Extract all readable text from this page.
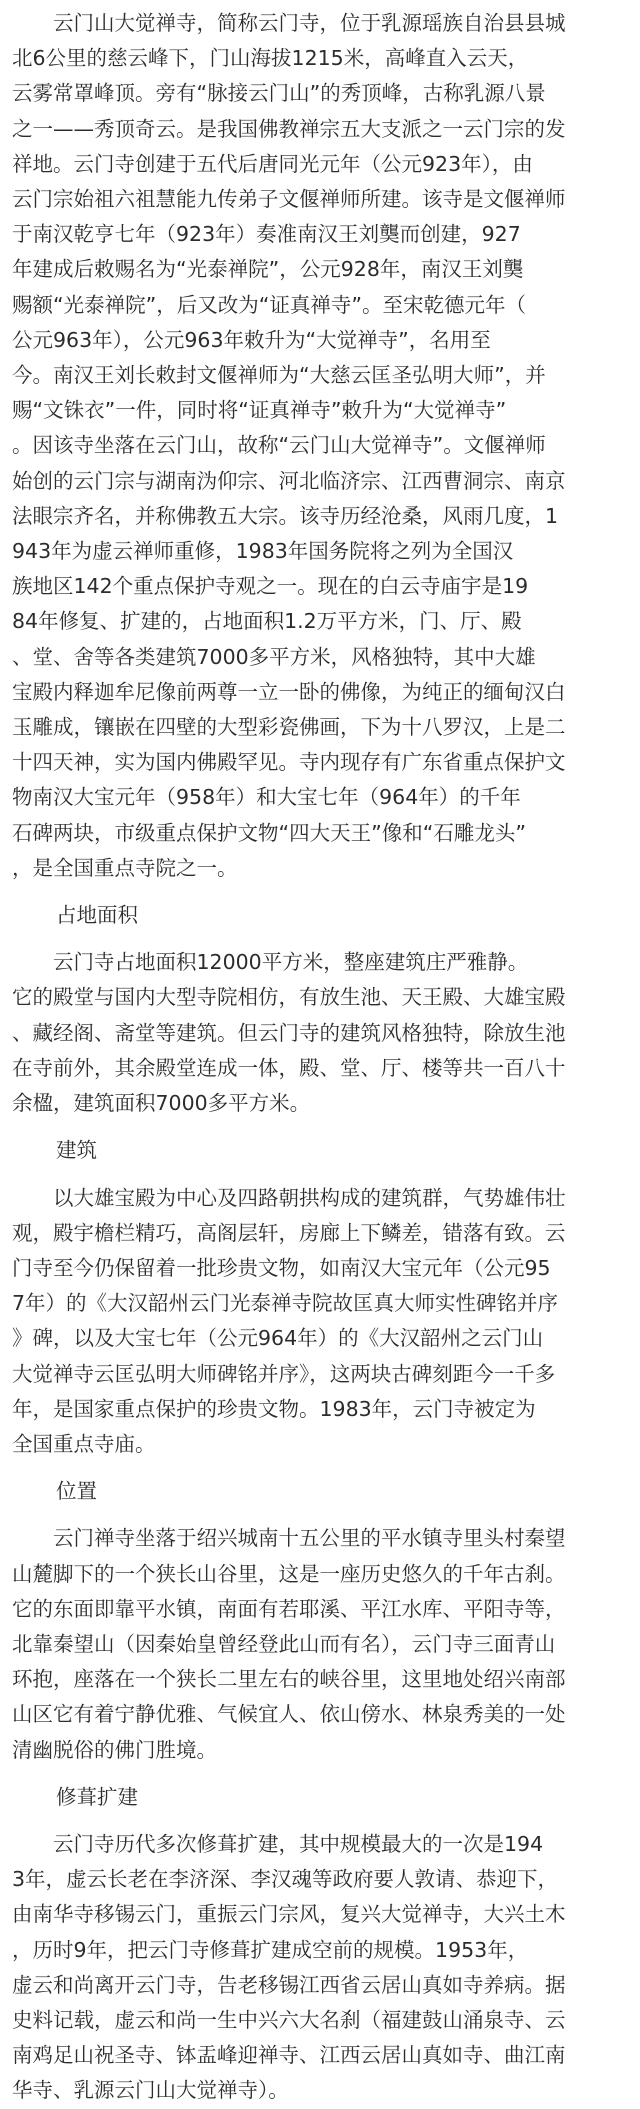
　　云门山大觉禅寺，简称云门寺，位于乳源瑶族自治县县城
北6公里的慈云峰下，门山海拔1215米，高峰直入云天，
云雾常罩峰顶。旁有“脉接云门山”的秀顶峰，古称乳源八景
之一——秀顶奇云。是我国佛教禅宗五大支派之一云门宗的发
祥地。云门寺创建于五代后唐同光元年（公元923年），由
云门宗始祖六祖慧能九传弟子文偃禅师所建。该寺是文偃禅师
于南汉乾亨七年（923年）奏准南汉王刘龑而创建，927
年建成后敕赐名为“光泰禅院”，公元928年，南汉王刘龑
赐额“光泰禅院”，后又改为“证真禅寺”。至宋乾德元年（
公元963年），公元963年敕升为“大觉禅寺”，名用至
今。南汉王刘长敕封文偃禅师为“大慈云匡圣弘明大师”，并
赐“文铢衣”一件，同时将“证真禅寺”敕升为“大觉禅寺”
。因该寺坐落在云门山，故称“云门山大觉禅寺”。文偃禅师
始创的云门宗与湖南沩仰宗、河北临济宗、江西曹洞宗、南京
法眼宗齐名，并称佛教五大宗。该寺历经沧桑，风雨几度，1
943年为虚云禅师重修，1983年国务院将之列为全国汉
族地区142个重点保护寺观之一。现在的白云寺庙宇是19
84年修复、扩建的，占地面积1.2万平方米，门、厅、殿
、堂、舍等各类建筑7000多平方米，风格独特，其中大雄
宝殿内释迦牟尼像前两尊一立一卧的佛像，为纯正的缅甸汉白
玉雕成，镶嵌在四壁的大型彩瓷佛画，下为十八罗汉，上是二
十四天神，实为国内佛殿罕见。寺内现存有广东省重点保护文
物南汉大宝元年（958年）和大宝七年（964年）的千年
石碑两块，市级重点保护文物“四大天王”像和“石雕龙头”
，是全国重点寺院之一。
占地面积
　　云门寺占地面积12000平方米，整座建筑庄严雅静。
它的殿堂与国内大型寺院相仿，有放生池、天王殿、大雄宝殿
、藏经阁、斋堂等建筑。但云门寺的建筑风格独特，除放生池
在寺前外，其余殿堂连成一体，殿、堂、厅、楼等共一百八十
余楹，建筑面积7000多平方米。
建筑
　　以大雄宝殿为中心及四路朝拱构成的建筑群，气势雄伟壮
观，殿宇檐栏精巧，高阁层轩，房廊上下鳞差，错落有致。云
门寺至今仍保留着一批珍贵文物，如南汉大宝元年（公元95
7年）的《大汉韶州云门光泰禅寺院故匡真大师实性碑铭并序
》碑，以及大宝七年（公元964年）的《大汉韶州之云门山
大觉禅寺云匡弘明大师碑铭并序》，这两块古碑刻距今一千多
年，是国家重点保护的珍贵文物。1983年，云门寺被定为
全国重点寺庙。
位置
　　云门禅寺坐落于绍兴城南十五公里的平水镇寺里头村秦望
山麓脚下的一个狭长山谷里，这是一座历史悠久的千年古刹。
它的东面即靠平水镇，南面有若耶溪、平江水库、平阳寺等，
北靠秦望山（因秦始皇曾经登此山而有名），云门寺三面青山
环抱，座落在一个狭长二里左右的峡谷里，这里地处绍兴南部
山区它有着宁静优雅、气候宜人、依山傍水、林泉秀美的一处
清幽脱俗的佛门胜境。
修葺扩建
　　云门寺历代多次修葺扩建，其中规模最大的一次是194
3年，虚云长老在李济深、李汉魂等政府要人敦请、恭迎下，
由南华寺移锡云门，重振云门宗风，复兴大觉禅寺，大兴土木
，历时9年，把云门寺修葺扩建成空前的规模。1953年，
虚云和尚离开云门寺，告老移锡江西省云居山真如寺养病。据
史料记载，虚云和尚一生中兴六大名刹（福建鼓山涌泉寺、云
南鸡足山祝圣寺、钵盂峰迎禅寺、江西云居山真如寺、曲江南
华寺、乳源云门山大觉禅寺）。
